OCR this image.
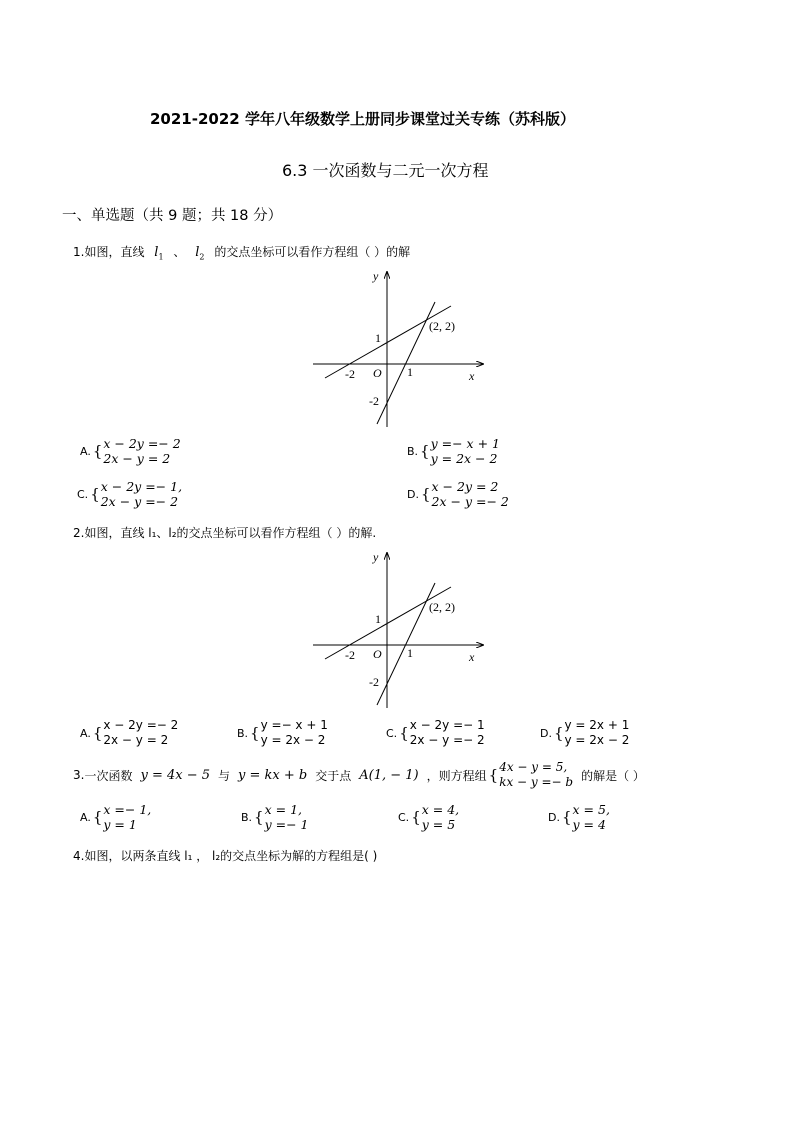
2021-2022 学年八年级数学上册同步课堂过关专练（苏科版）
6.3 一次函数与二元一次方程
一、单选题（共 9 题；共 18 分）
1.如图，直线 $l_1$ 、 $l_2$ 的交点坐标可以看作方程组（ ）的解
y
x
O
-2	1
1
-2
(2, 2)
A. { x − 2y =− 2
2x − y = 2	B. { y =− x + 1
y = 2x − 2
C. { x − 2y =− 1,
2x − y =− 2	D. { x − 2y = 2
2x − y =− 2
2.如图，直线 l₁、l₂的交点坐标可以看作方程组（ ）的解.
y
x
O
-2	1
1
-2
(2, 2)
A. { x − 2y =− 2
2x − y = 2	B. { y =− x + 1
y = 2x − 2	C. { x − 2y =− 1
2x − y =− 2	D. { y = 2x + 1
y = 2x − 2
3. 一次函数 y = 4x − 5 与 y = kx + b 交于点 A(1, − 1) ，则方程组 { 4x − y = 5,
kx − y =− b 的解是（ ）
A. { x =− 1,
y = 1	B. { x = 1,
y =− 1	C. { x = 4,
y = 5	D. { x = 5,
y = 4
4.如图，以两条直线 l₁ ， l₂的交点坐标为解的方程组是( )
